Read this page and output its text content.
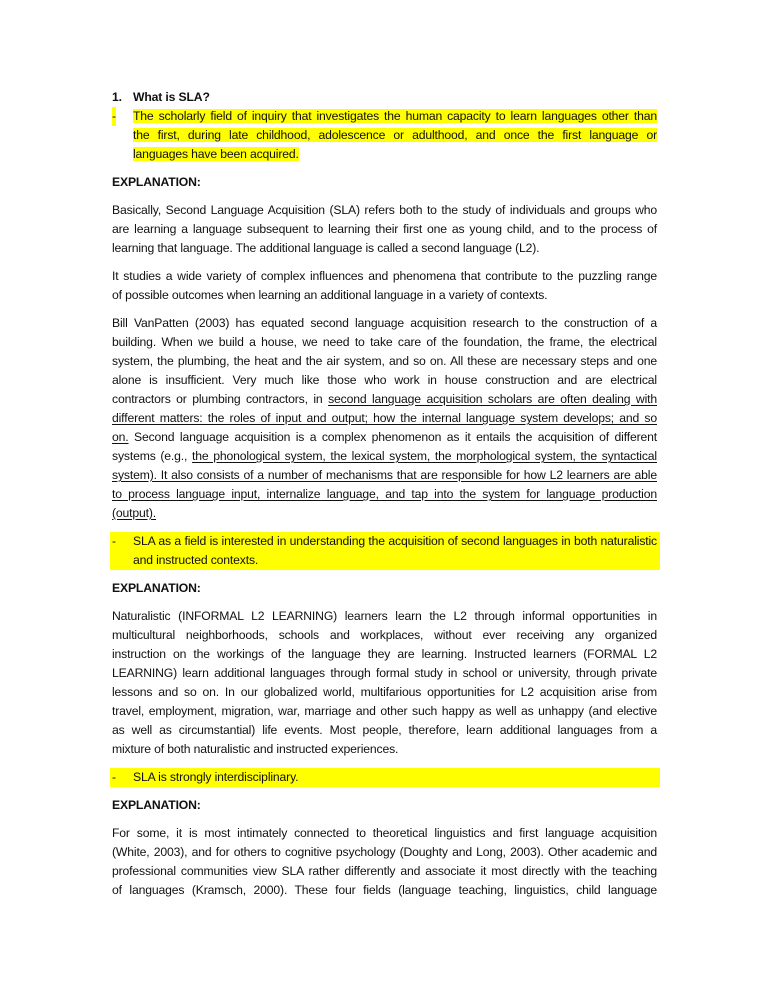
1. What is SLA?
- The scholarly field of inquiry that investigates the human capacity to learn languages other than
the first, during late childhood, adolescence or adulthood, and once the first language or
languages have been acquired.
EXPLANATION:
Basically, Second Language Acquisition (SLA) refers both to the study of individuals and groups who
are learning a language subsequent to learning their first one as young child, and to the process of
learning that language. The additional language is called a second language (L2).
It studies a wide variety of complex influences and phenomena that contribute to the puzzling range
of possible outcomes when learning an additional language in a variety of contexts.
Bill VanPatten (2003) has equated second language acquisition research to the construction of a
building. When we build a house, we need to take care of the foundation, the frame, the electrical
system, the plumbing, the heat and the air system, and so on. All these are necessary steps and one
alone is insufficient. Very much like those who work in house construction and are electrical
contractors or plumbing contractors, in second language acquisition scholars are often dealing with
different matters: the roles of input and output; how the internal language system develops; and so
on. Second language acquisition is a complex phenomenon as it entails the acquisition of different
systems (e.g., the phonological system, the lexical system, the morphological system, the syntactical
system). It also consists of a number of mechanisms that are responsible for how L2 learners are able
to process language input, internalize language, and tap into the system for language production
(output).
- SLA as a field is interested in understanding the acquisition of second languages in both naturalistic
and instructed contexts.
EXPLANATION:
Naturalistic (INFORMAL L2 LEARNING) learners learn the L2 through informal opportunities in
multicultural neighborhoods, schools and workplaces, without ever receiving any organized
instruction on the workings of the language they are learning. Instructed learners (FORMAL L2
LEARNING) learn additional languages through formal study in school or university, through private
lessons and so on. In our globalized world, multifarious opportunities for L2 acquisition arise from
travel, employment, migration, war, marriage and other such happy as well as unhappy (and elective
as well as circumstantial) life events. Most people, therefore, learn additional languages from a
mixture of both naturalistic and instructed experiences.
- SLA is strongly interdisciplinary.
EXPLANATION:
For some, it is most intimately connected to theoretical linguistics and first language acquisition
(White, 2003), and for others to cognitive psychology (Doughty and Long, 2003). Other academic and
professional communities view SLA rather differently and associate it most directly with the teaching
of languages (Kramsch, 2000). These four fields (language teaching, linguistics, child language
